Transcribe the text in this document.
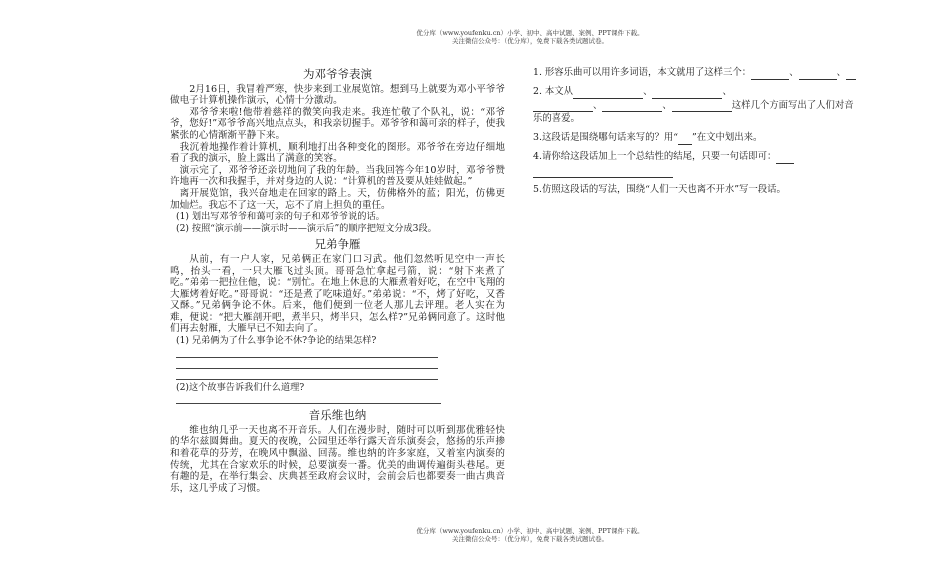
优分库（www.youfenku.cn）小学、初中、高中试题、案例、PPT课件下载。
关注微信公众号：（优分库），免费下载各类试题试卷。
为邓爷爷表演

2月16日，我冒着严寒，快步来到工业展览馆。想到马上就要为邓小平爷爷做电子计算机操作演示，心情十分激动。

邓爷爷来啦!他带着慈祥的微笑向我走来。我连忙敬了个队礼，说：“邓爷爷，您好!”邓爷爷高兴地点点头，和我亲切握手。邓爷爷和蔼可亲的样子，使我紧张的心情渐渐平静下来。

我沉着地操作着计算机，顺利地打出各种变化的图形。邓爷爷在旁边仔细地看了我的演示，脸上露出了满意的笑容。

演示完了，邓爷爷还亲切地问了我的年龄。当我回答今年10岁时，邓爷爷赞许地再一次和我握手，并对身边的人说：“计算机的普及要从娃娃做起。”

离开展览馆，我兴奋地走在回家的路上。天，仿佛格外的蓝；阳光，仿佛更加灿烂。我忘不了这一天，忘不了肩上担负的重任。

(1) 划出写邓爷爷和蔼可亲的句子和邓爷爷说的话。

(2) 按照“演示前——演示时——演示后”的顺序把短文分成3段。

兄弟争雁

从前，有一户人家，兄弟俩正在家门口习武。他们忽然听见空中一声长鸣，抬头一看，一只大雁飞过头顶。哥哥急忙拿起弓箭，说：“射下来煮了吃。”弟弟一把拉住他，说：“别忙。在地上休息的大雁煮着好吃，在空中飞翔的大雁烤着好吃。”哥哥说：“还是煮了吃味道好。”弟弟说：“不，烤了好吃，又香又酥。”兄弟俩争论不休。后来，他们便到一位老人那儿去评理。老人实在为难，便说：“把大雁剖开吧，煮半只，烤半只，怎么样?”兄弟俩同意了。这时他们再去射雁，大雁早已不知去向了。

(1) 兄弟俩为了什么事争论不休?争论的结果怎样?

(2)这个故事告诉我们什么道理?

音乐维也纳

维也纳几乎一天也离不开音乐。人们在漫步时，随时可以听到那优雅轻快的华尔兹圆舞曲。夏天的夜晚，公园里还举行露天音乐演奏会，悠扬的乐声掺和着花草的芬芳，在晚风中飘溢、回荡。维也纳的许多家庭，又着室内演奏的传统，尤其在合家欢乐的时候，总要演奏一番。优美的曲调传遍街头巷尾。更有趣的是，在举行集会、庆典甚至政府会议时，会前会后也都要奏一曲古典音乐，这几乎成了习惯。

1. 形容乐曲可以用许多词语，本文就用了这样三个：	、	、

2. 本文从	、	、
、	、	这样几个方面写出了人们对音乐的喜爱。

3.这段话是围绕哪句话来写的？用“ ”在文中划出来。

4.请你给这段话加上一个总结性的结尾，只要一句话即可：

5.仿照这段话的写法，围绕“人们一天也离不开水”写一段话。

优分库（www.youfenku.cn）小学、初中、高中试题、案例、PPT课件下载。
关注微信公众号：（优分库），免费下载各类试题试卷。
